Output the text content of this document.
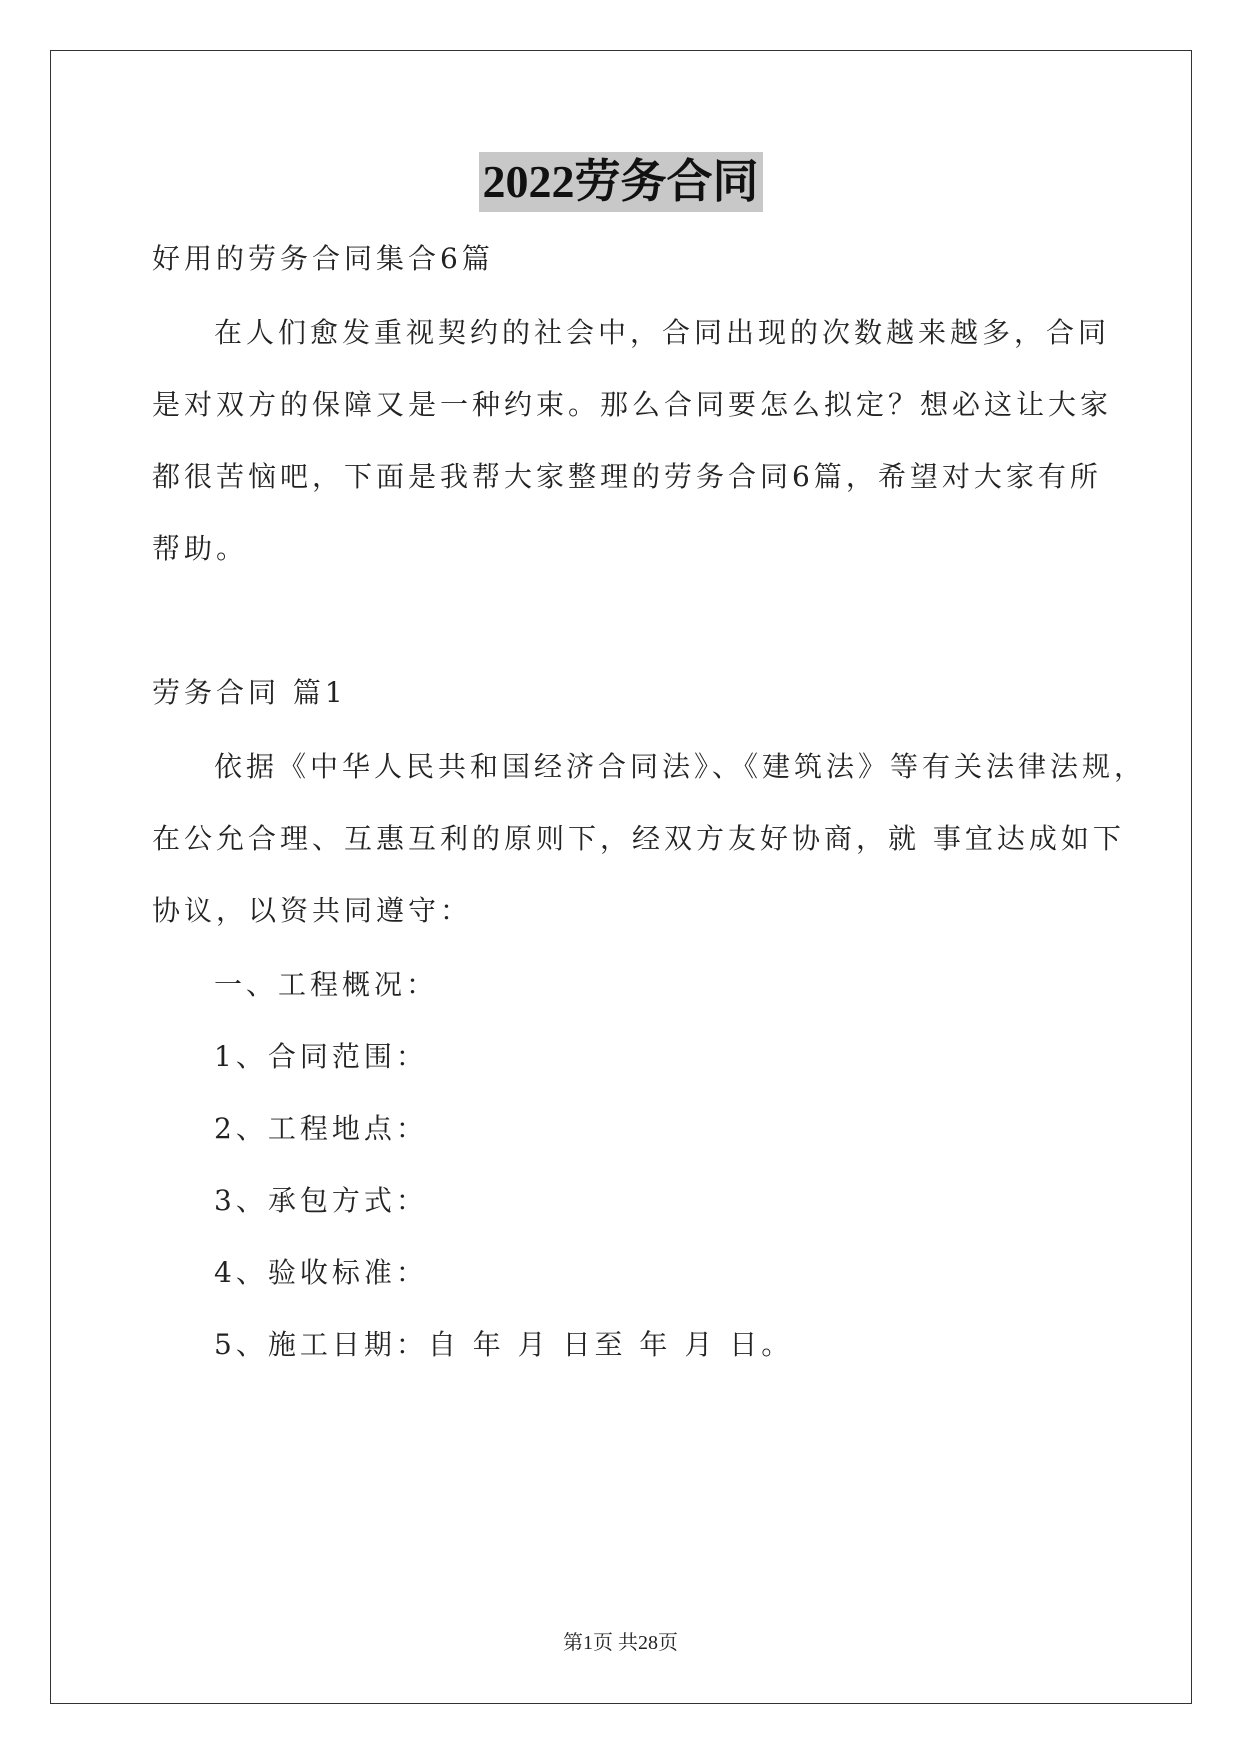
2022劳务合同
好用的劳务合同集合6篇
在人们愈发重视契约的社会中，合同出现的次数越来越多，合同
是对双方的保障又是一种约束。那么合同要怎么拟定？想必这让大家
都很苦恼吧，下面是我帮大家整理的劳务合同6篇，希望对大家有所
帮助。
劳务合同 篇1
依据《中华人民共和国经济合同法》、《建筑法》等有关法律法规，
在公允合理、互惠互利的原则下，经双方友好协商，就 事宜达成如下
协议，以资共同遵守：
一、工程概况：
1、合同范围：
2、工程地点：
3、承包方式：
4、验收标准：
5、施工日期：自 年 月 日至 年 月 日。
第1页 共28页
